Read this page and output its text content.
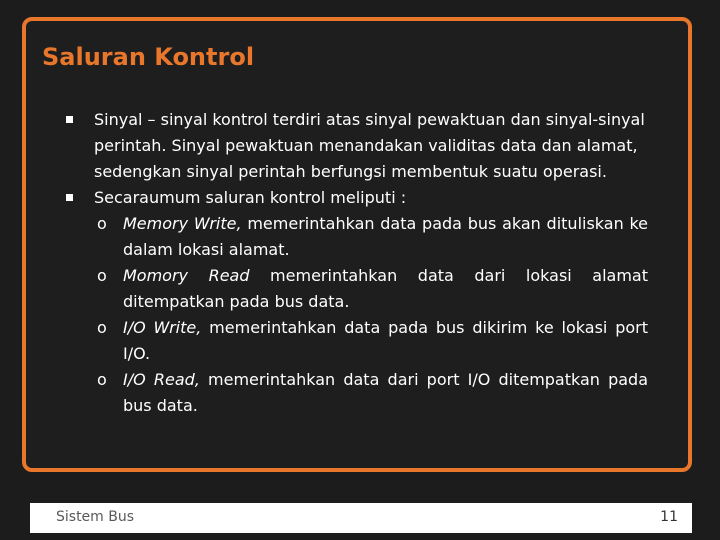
Saluran Kontrol
Sinyal – sinyal kontrol terdiri atas sinyal pewaktuan dan sinyal-sinyal perintah. Sinyal pewaktuan menandakan validitas data dan alamat, sedengkan sinyal perintah berfungsi membentuk suatu operasi.
Secaraumum saluran kontrol meliputi :
o Memory Write, memerintahkan data pada bus akan dituliskan ke dalam lokasi alamat.
o Momory Read memerintahkan data dari lokasi alamat ditempatkan pada bus data.
o I/O Write, memerintahkan data pada bus dikirim ke lokasi port I/O.
o I/O Read, memerintahkan data dari port I/O ditempatkan pada bus data.
Sistem Bus	11
